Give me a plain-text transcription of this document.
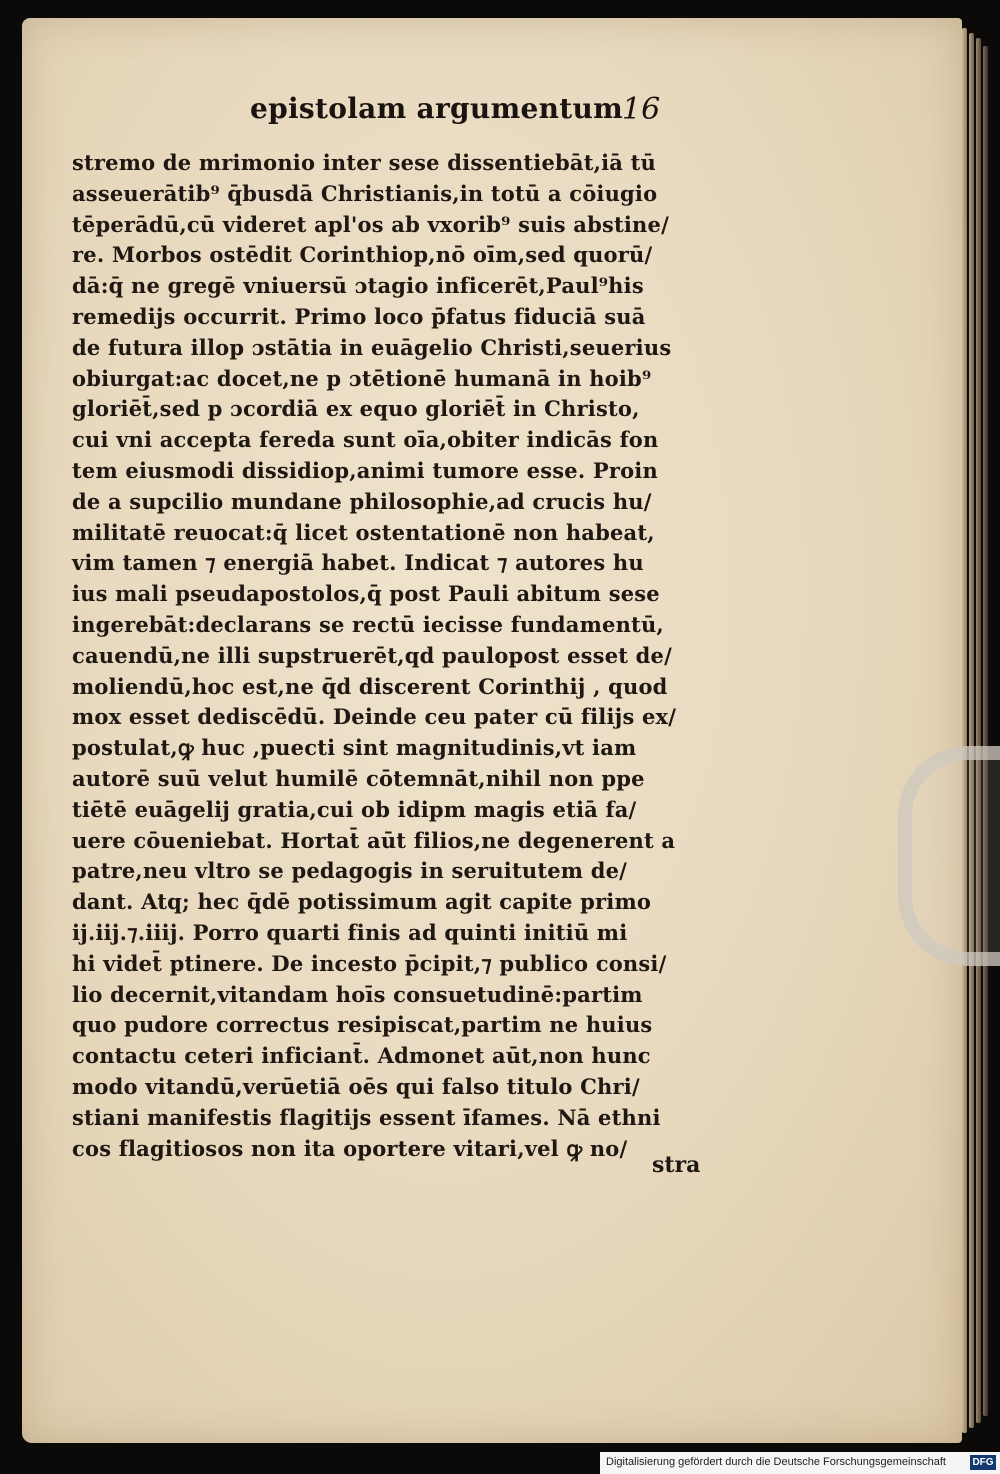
epistolam argumentum
16
stremo de mrimonio inter sese dissentiebāt,iā tū
asseuerātib⁹ q̄busdā Christianis,in totū a cōiugio
tēperādū,cū videret apl'os ab vxorib⁹ suis abstine/
re. Morbos ostēdit Corinthiop,nō oīm,sed quorū/
dā:q̄ ne gregē vniuersū ɔtagio inficerēt,Paul⁹his
remedijs occurrit. Primo loco p̄fatus fiduciā suā
de futura illop ɔstātia in euāgelio Christi,seuerius
obiurgat:ac docet,ne p ɔtētionē humanā in hoib⁹
gloriēt̄,sed p ɔcordiā ex equo gloriēt̄ in Christo,
cui vni accepta fereda sunt oīa,obiter indicās fon
tem eiusmodi dissidiop,animi tumore esse. Proin
de a supcilio mundane philosophie,ad crucis hu/
militatē reuocat:q̄ licet ostentationē non habeat,
vim tamen ⁊ energiā habet. Indicat ⁊ autores hu
ius mali pseudapostolos,q̄ post Pauli abitum sese
ingerebāt:declarans se rectū iecisse fundamentū,
cauendū,ne illi supstruerēt,qd paulopost esset de/
moliendū,hoc est,ne q̄d discerent Corinthij , quod
mox esset dediscēdū. Deinde ceu pater cū filijs ex/
postulat,ꝙ huc ,puecti sint magnitudinis,vt iam
autorē suū velut humilē cōtemnāt,nihil non ppe
tiētē euāgelij gratia,cui ob idipm magis etiā fa/
uere cōueniebat. Hortat̄ aūt filios,ne degenerent a
patre,neu vltro se pedagogis in seruitutem de/
dant. Atq; hec q̄dē potissimum agit capite primo
ij.iij.⁊.iiij. Porro quarti finis ad quinti initiū mi
hi videt̄ ptinere. De incesto p̄cipit,⁊ publico consi/
lio decernit,vitandam hoīs consuetudinē:partim
quo pudore correctus resipiscat,partim ne huius
contactu ceteri inficiant̄. Admonet aūt,non hunc
modo vitandū,verūetiā oēs qui falso titulo Chri/
stiani manifestis flagitijs essent īfames. Nā ethni
cos flagitiosos non ita oportere vitari,vel ꝙ no/
stra
Digitalisierung gefördert durch die Deutsche Forschungsgemeinschaft	DFG
